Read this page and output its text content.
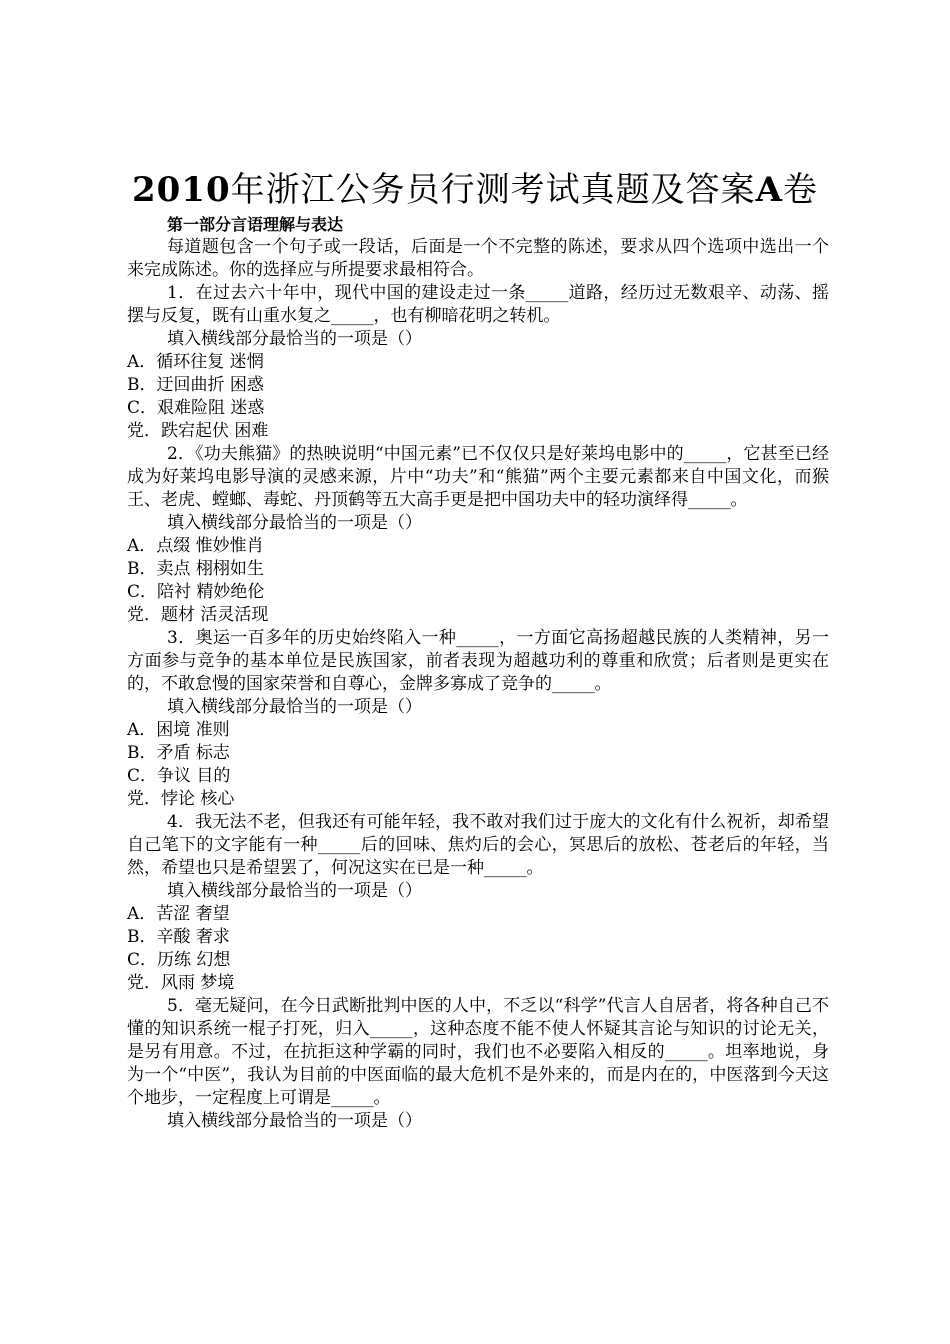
2010年浙江公务员行测考试真题及答案A卷

第一部分言语理解与表达

每道题包含一个句子或一段话，后面是一个不完整的陈述，要求从四个选项中选出一个来完成陈述。你的选择应与所提要求最相符合。

1．在过去六十年中，现代中国的建设走过一条_____道路，经历过无数艰辛、动荡、摇摆与反复，既有山重水复之_____，也有柳暗花明之转机。

填入横线部分最恰当的一项是（）

A．循环往复 迷惘

B．迂回曲折 困惑

C．艰难险阻 迷惑

党．跌宕起伏 困难

2．《功夫熊猫》的热映说明“中国元素”已不仅仅只是好莱坞电影中的_____，它甚至已经成为好莱坞电影导演的灵感来源，片中“功夫”和“熊猫”两个主要元素都来自中国文化，而猴王、老虎、螳螂、毒蛇、丹顶鹤等五大高手更是把中国功夫中的轻功演绎得_____。

填入横线部分最恰当的一项是（）

A．点缀 惟妙惟肖

B．卖点 栩栩如生

C．陪衬 精妙绝伦

党．题材 活灵活现

3．奥运一百多年的历史始终陷入一种_____，一方面它高扬超越民族的人类精神，另一方面参与竞争的基本单位是民族国家，前者表现为超越功利的尊重和欣赏；后者则是更实在的，不敢怠慢的国家荣誉和自尊心，金牌多寡成了竞争的_____。

填入横线部分最恰当的一项是（）

A．困境 准则

B．矛盾 标志

C．争议 目的

党．悖论 核心

4．我无法不老，但我还有可能年轻，我不敢对我们过于庞大的文化有什么祝祈，却希望自己笔下的文字能有一种_____后的回味、焦灼后的会心，冥思后的放松、苍老后的年轻，当然，希望也只是希望罢了，何况这实在已是一种_____。

填入横线部分最恰当的一项是（）

A．苦涩 奢望

B．辛酸 奢求

C．历练 幻想

党．风雨 梦境

5．毫无疑问，在今日武断批判中医的人中，不乏以“科学”代言人自居者，将各种自己不懂的知识系统一棍子打死，归入_____，这种态度不能不使人怀疑其言论与知识的讨论无关，是另有用意。不过，在抗拒这种学霸的同时，我们也不必要陷入相反的_____。坦率地说，身为一个“中医”，我认为目前的中医面临的最大危机不是外来的，而是内在的，中医落到今天这个地步，一定程度上可谓是_____。

填入横线部分最恰当的一项是（）
